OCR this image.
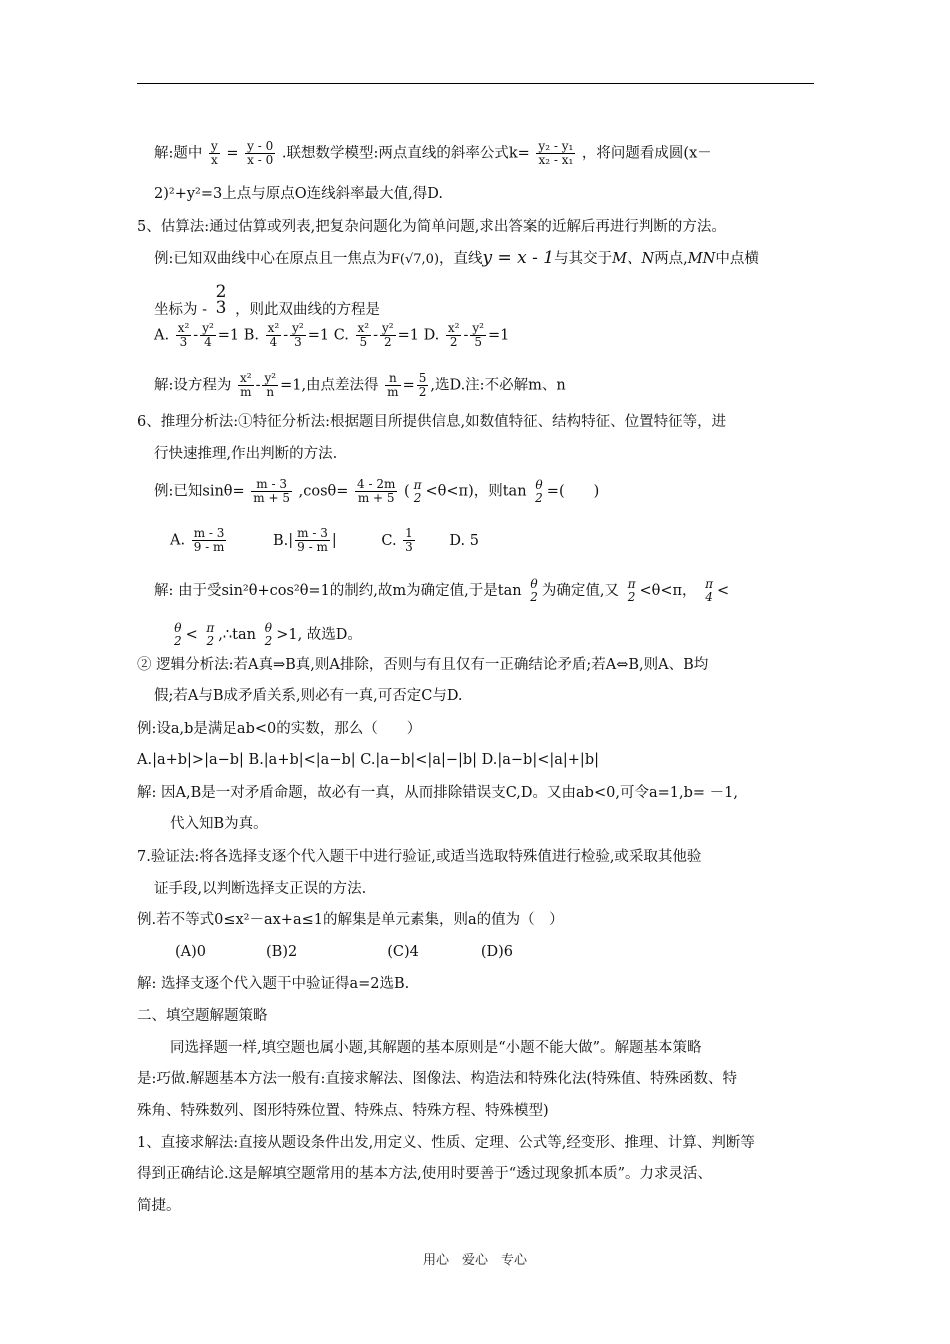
解:题中 $\frac{y}{x} = \frac{y - 0}{x - 0}$ .联想数学模型:两点直线的斜率公式$k= \frac{\text{y₂ - y₁}}{\text{x₂ - x₁}}$ ，将问题看成圆(x－
2)²+y²=3上点与原点O连线斜率最大值,得D.
5、估算法:通过估算或列表,把复杂问题化为简单问题,求出答案的近解后再进行判断的方法。
例:已知双曲线中心在原点且一焦点为F(√7,0)，直线y = x - 1与其交于M、N两点,MN中点横
坐标为 -
2
3 ，则此双曲线的方程是
A. $\frac{\text{x²}}{3} - \frac{\text{y²}}{4} =1$ B. $\frac{\text{x²}}{4} - \frac{\text{y²}}{3} =1$ C. $\frac{\text{x²}}{5} - \frac{\text{y²}}{2} =1$ D. $\frac{\text{x²}}{2} - \frac{\text{y²}}{5} =1$
解:设方程为 $\frac{\text{x²}}{m} - \frac{\text{y²}}{n} =1$,由点差法得 $\frac{n}{m} = \frac{5}{2}$ ,选D.注:不必解m、n
6、推理分析法:①特征分析法:根据题目所提供信息,如数值特征、结构特征、位置特征等，进
行快速推理,作出判断的方法.
例:已知$\sin\theta= \frac{m - 3}{m + 5} ,\cos\theta= \frac{4 - 2m}{m + 5}$ ( π
2 <θ<π)，则tan θ
2 =(　　)
A. $\frac{m - 3}{9 - m}$	$B.| \frac{m - 3}{9 - m}$ |	C. $\frac{1}{3} D$. 5
解: 由于受sin²θ+cos²θ=1的制约,故m为确定值,于是tan θ
2 为确定值,又 π
2 <θ<π， π
4 <
θ
2 < π
2 ,∴tan θ
2 >1, 故选D。
② 逻辑分析法:若A真⇒B真,则A排除，否则与有且仅有一正确结论矛盾;若A⇔B,则A、B均
假;若A与B成矛盾关系,则必有一真,可否定C与D.
例:设a,b是满足ab<0的实数，那么（　　）
A.|a+b|>|a−b| B.|a+b|<|a−b| C.|a−b|<|a|−|b| D.|a−b|<|a|+|b|
解: 因A,B是一对矛盾命题，故必有一真，从而排除错误支C,D。又由ab<0,可令a=1,b= －1,
代入知B为真。
7.验证法:将各选择支逐个代入题干中进行验证,或适当选取特殊值进行检验,或采取其他验
证手段,以判断选择支正误的方法.
例.若不等式0≤x²－ax+a≤1的解集是单元素集，则a的值为（　）
(A)0	(B)2	(C)4	(D)6
解: 选择支逐个代入题干中验证得a=2选B.
二、填空题解题策略
同选择题一样,填空题也属小题,其解题的基本原则是“小题不能大做”。解题基本策略
是:巧做.解题基本方法一般有:直接求解法、图像法、构造法和特殊化法(特殊值、特殊函数、特
殊角、特殊数列、图形特殊位置、特殊点、特殊方程、特殊模型)
1、直接求解法:直接从题设条件出发,用定义、性质、定理、公式等,经变形、推理、计算、判断等
得到正确结论.这是解填空题常用的基本方法,使用时要善于“透过现象抓本质”。力求灵活、
简捷。
用心　爱心　专心
